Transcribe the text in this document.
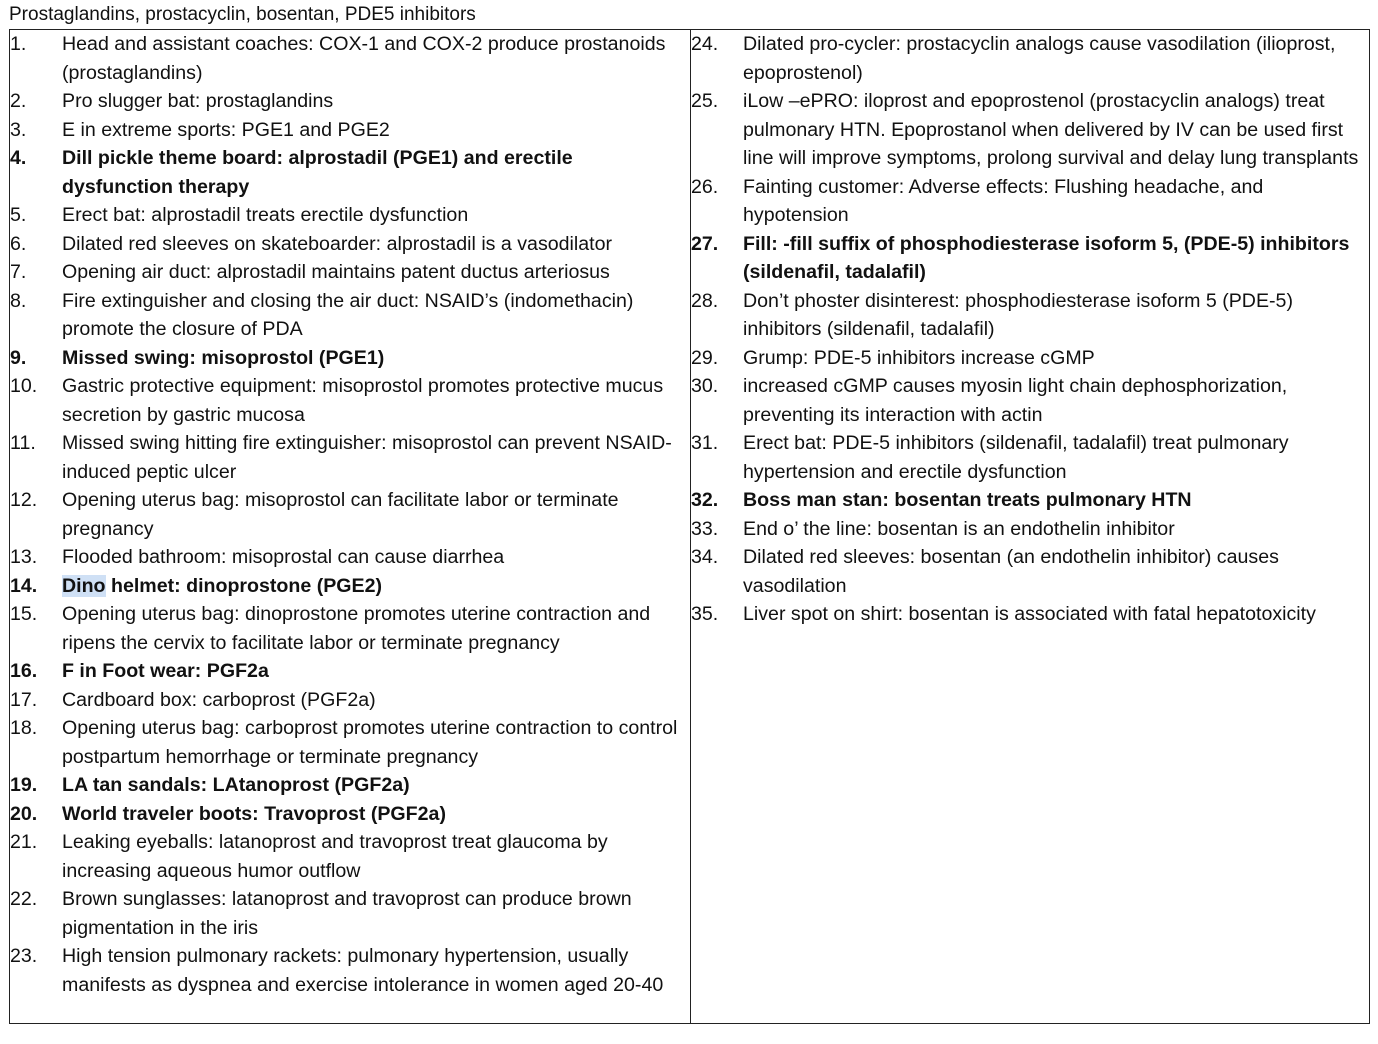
Prostaglandins, prostacyclin, bosentan, PDE5 inhibitors
1.	Head and assistant coaches: COX-1 and COX-2 produce prostanoids (prostaglandins)
2.	Pro slugger bat: prostaglandins
3.	E in extreme sports: PGE1 and PGE2
4.	Dill pickle theme board: alprostadil (PGE1) and erectile dysfunction therapy
5.	Erect bat: alprostadil treats erectile dysfunction
6.	Dilated red sleeves on skateboarder: alprostadil is a vasodilator
7.	Opening air duct: alprostadil maintains patent ductus arteriosus
8.	Fire extinguisher and closing the air duct: NSAID’s (indomethacin) promote the closure of PDA
9.	Missed swing: misoprostol (PGE1)
10.	Gastric protective equipment: misoprostol promotes protective mucus secretion by gastric mucosa
11.	Missed swing hitting fire extinguisher: misoprostol can prevent NSAID-induced peptic ulcer
12.	Opening uterus bag: misoprostol can facilitate labor or terminate pregnancy
13.	Flooded bathroom: misoprostal can cause diarrhea
14.	Dino helmet: dinoprostone (PGE2)
15.	Opening uterus bag: dinoprostone promotes uterine contraction and ripens the cervix to facilitate labor or terminate pregnancy
16.	F in Foot wear: PGF2a
17.	Cardboard box: carboprost (PGF2a)
18.	Opening uterus bag: carboprost promotes uterine contraction to control postpartum hemorrhage or terminate pregnancy
19.	LA tan sandals: LAtanoprost (PGF2a)
20.	World traveler boots: Travoprost (PGF2a)
21.	Leaking eyeballs: latanoprost and travoprost treat glaucoma by increasing aqueous humor outflow
22.	Brown sunglasses: latanoprost and travoprost can produce brown pigmentation in the iris
23.	High tension pulmonary rackets: pulmonary hypertension, usually manifests as dyspnea and exercise intolerance in women aged 20-40
24.	Dilated pro-cycler: prostacyclin analogs cause vasodilation (ilioprost, epoprostenol)
25.	iLow –ePRO: iloprost and epoprostenol (prostacyclin analogs) treat pulmonary HTN. Epoprostanol when delivered by IV can be used first line will improve symptoms, prolong survival and delay lung transplants
26.	Fainting customer: Adverse effects: Flushing headache, and hypotension
27.	Fill: -fill suffix of phosphodiesterase isoform 5, (PDE-5) inhibitors (sildenafil, tadalafil)
28.	Don’t phoster disinterest: phosphodiesterase isoform 5 (PDE-5) inhibitors (sildenafil, tadalafil)
29.	Grump: PDE-5 inhibitors increase cGMP
30.	increased cGMP causes myosin light chain dephosphorization, preventing its interaction with actin
31.	Erect bat: PDE-5 inhibitors (sildenafil, tadalafil) treat pulmonary hypertension and erectile dysfunction
32.	Boss man stan: bosentan treats pulmonary HTN
33.	End o’ the line: bosentan is an endothelin inhibitor
34.	Dilated red sleeves: bosentan (an endothelin inhibitor) causes vasodilation
35.	Liver spot on shirt: bosentan is associated with fatal hepatotoxicity
